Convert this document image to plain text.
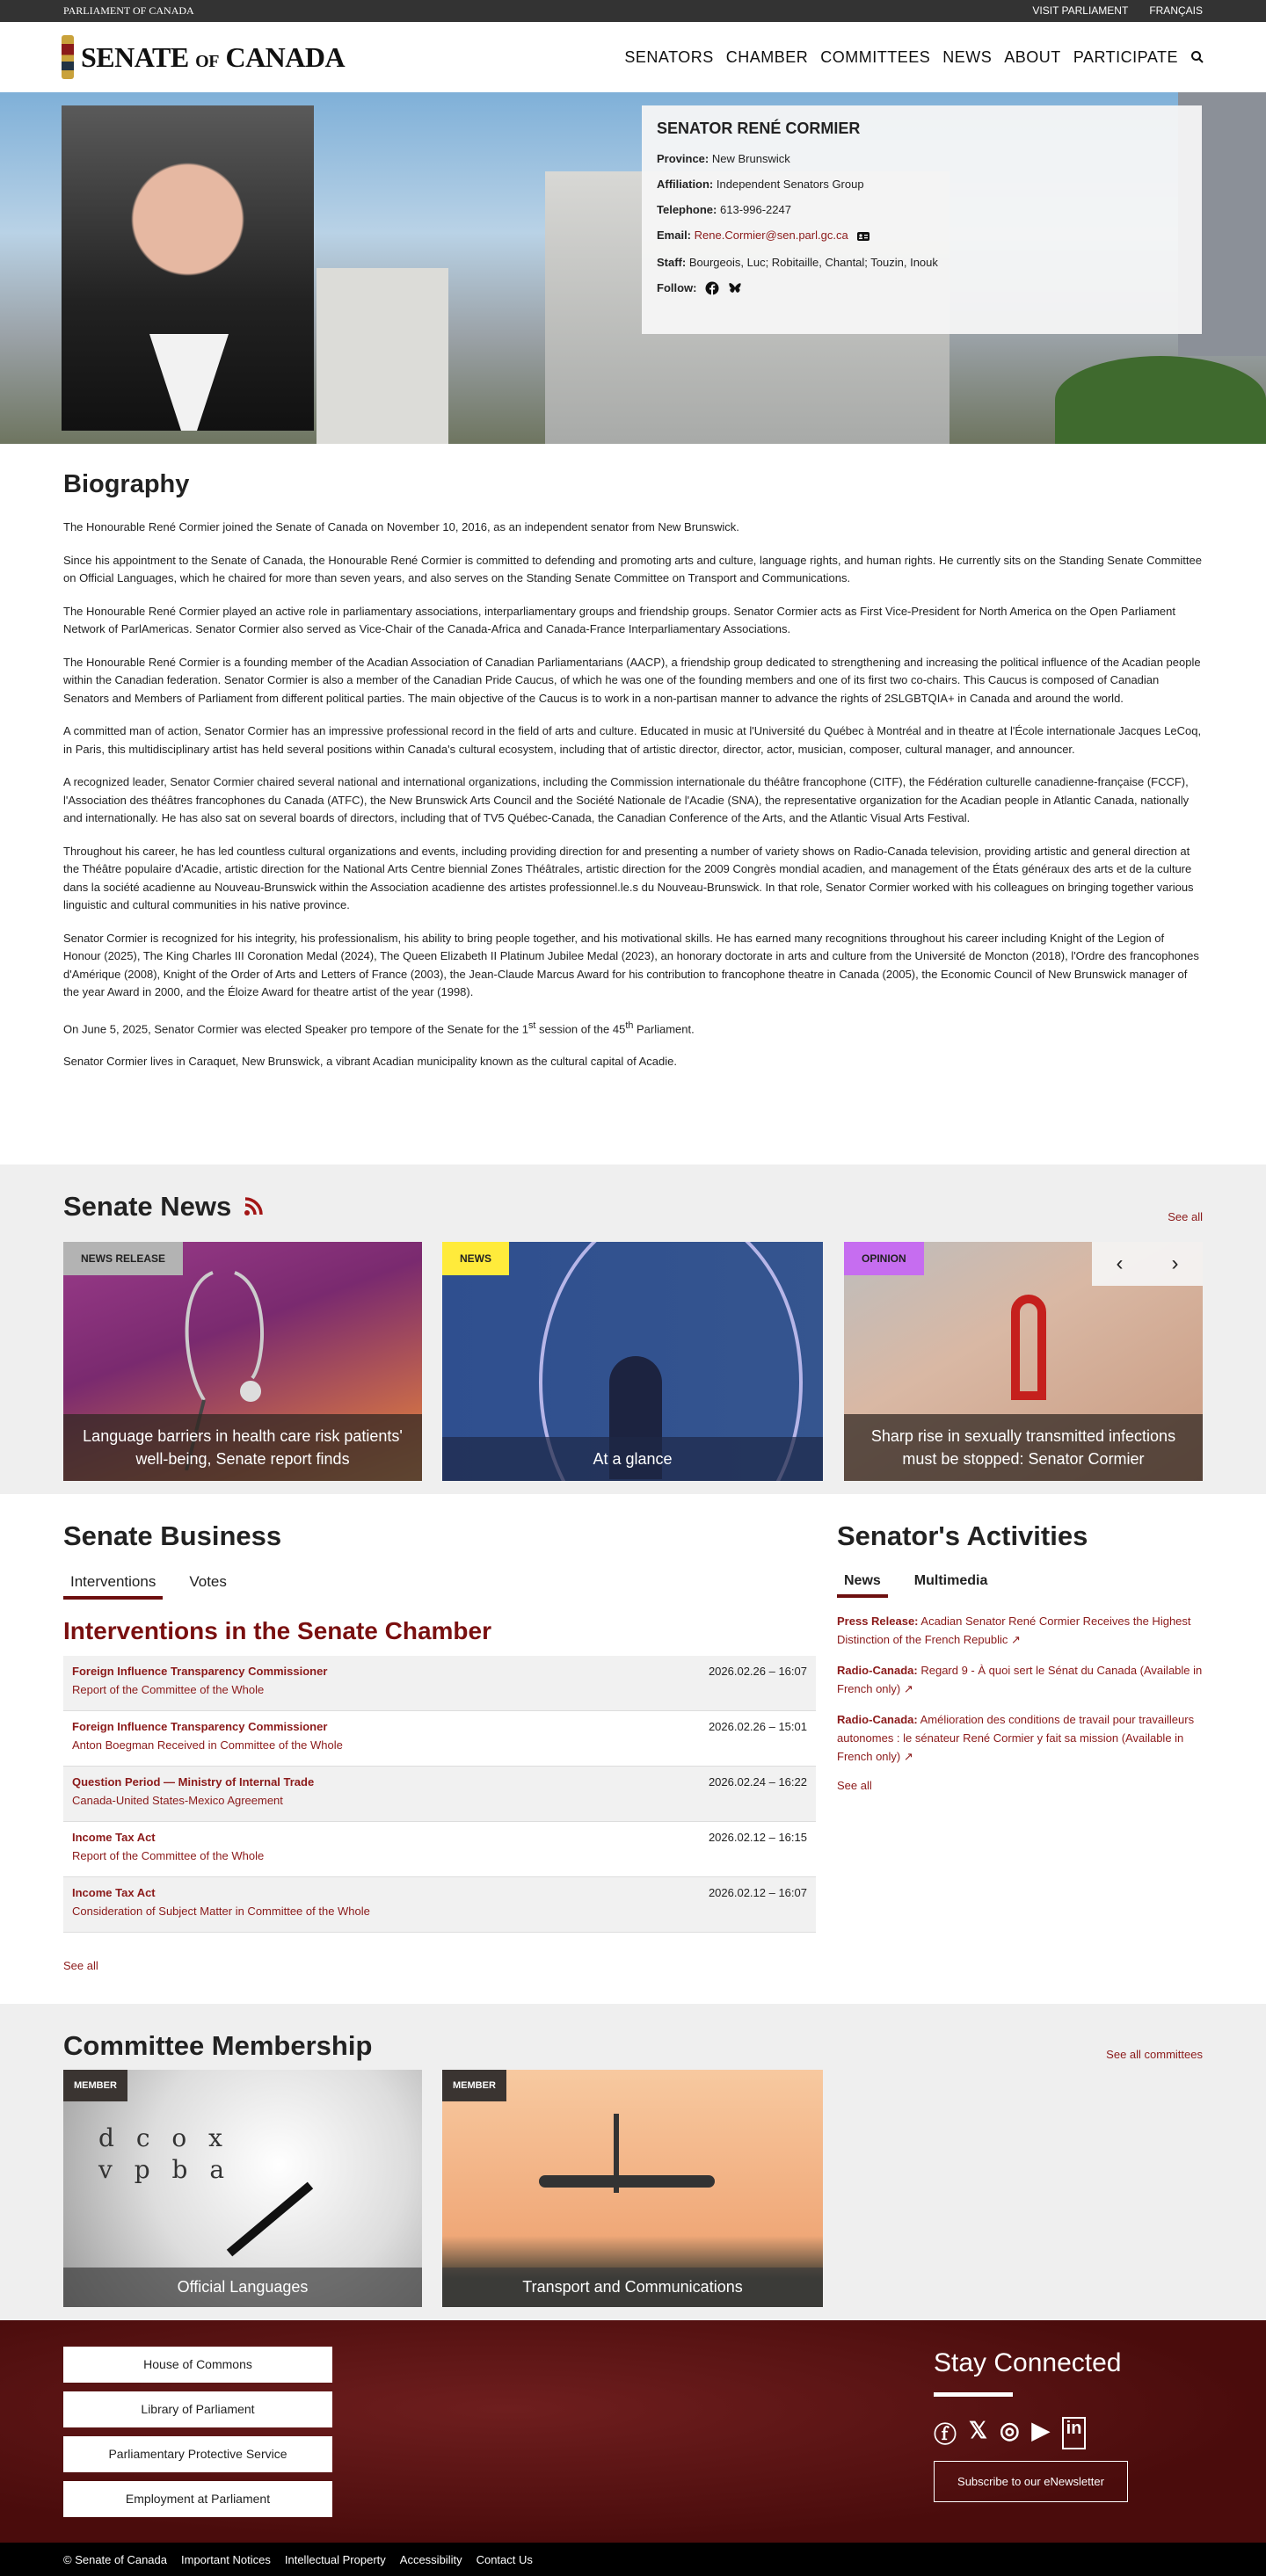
PARLIAMENT OF CANADA	VISIT PARLIAMENT FRANÇAIS
SENATE OF CANADA	SENATORS CHAMBER COMMITTEES NEWS ABOUT PARTICIPATE
SENATOR RENÉ CORMIER
Province: New Brunswick
Affiliation: Independent Senators Group
Telephone: 613-996-2247
Email: Rene.Cormier@sen.parl.gc.ca
Staff: Bourgeois, Luc; Robitaille, Chantal; Touzin, Inouk
Follow:
Biography

The Honourable René Cormier joined the Senate of Canada on November 10, 2016, as an independent senator from New Brunswick.

Since his appointment to the Senate of Canada, the Honourable René Cormier is committed to defending and promoting arts and culture, language rights, and human rights. He currently sits on the Standing Senate Committee on Official Languages, which he chaired for more than seven years, and also serves on the Standing Senate Committee on Transport and Communications.

The Honourable René Cormier played an active role in parliamentary associations, interparliamentary groups and friendship groups. Senator Cormier acts as First Vice-President for North America on the Open Parliament Network of ParlAmericas. Senator Cormier also served as Vice-Chair of the Canada-Africa and Canada-France Interparliamentary Associations.

The Honourable René Cormier is a founding member of the Acadian Association of Canadian Parliamentarians (AACP), a friendship group dedicated to strengthening and increasing the political influence of the Acadian people within the Canadian federation. Senator Cormier is also a member of the Canadian Pride Caucus, of which he was one of the founding members and one of its first two co-chairs. This Caucus is composed of Canadian Senators and Members of Parliament from different political parties. The main objective of the Caucus is to work in a non-partisan manner to advance the rights of 2SLGBTQIA+ in Canada and around the world.

A committed man of action, Senator Cormier has an impressive professional record in the field of arts and culture. Educated in music at l'Université du Québec à Montréal and in theatre at l'École internationale Jacques LeCoq, in Paris, this multidisciplinary artist has held several positions within Canada's cultural ecosystem, including that of artistic director, director, actor, musician, composer, cultural manager, and announcer.

A recognized leader, Senator Cormier chaired several national and international organizations, including the Commission internationale du théâtre francophone (CITF), the Fédération culturelle canadienne-française (FCCF), l'Association des théâtres francophones du Canada (ATFC), the New Brunswick Arts Council and the Société Nationale de l'Acadie (SNA), the representative organization for the Acadian people in Atlantic Canada, nationally and internationally. He has also sat on several boards of directors, including that of TV5 Québec-Canada, the Canadian Conference of the Arts, and the Atlantic Visual Arts Festival.

Throughout his career, he has led countless cultural organizations and events, including providing direction for and presenting a number of variety shows on Radio-Canada television, providing artistic and general direction at the Théâtre populaire d'Acadie, artistic direction for the National Arts Centre biennial Zones Théâtrales, artistic direction for the 2009 Congrès mondial acadien, and management of the États généraux des arts et de la culture dans la société acadienne au Nouveau-Brunswick within the Association acadienne des artistes professionnel.le.s du Nouveau-Brunswick. In that role, Senator Cormier worked with his colleagues on bringing together various linguistic and cultural communities in his native province.

Senator Cormier is recognized for his integrity, his professionalism, his ability to bring people together, and his motivational skills. He has earned many recognitions throughout his career including Knight of the Legion of Honour (2025), The King Charles III Coronation Medal (2024), The Queen Elizabeth II Platinum Jubilee Medal (2023), an honorary doctorate in arts and culture from the Université de Moncton (2018), l'Ordre des francophones d'Amérique (2008), Knight of the Order of Arts and Letters of France (2003), the Jean-Claude Marcus Award for his contribution to francophone theatre in Canada (2005), the Economic Council of New Brunswick manager of the year Award in 2000, and the Éloize Award for theatre artist of the year (1998).

On June 5, 2025, Senator Cormier was elected Speaker pro tempore of the Senate for the 1st session of the 45th Parliament.

Senator Cormier lives in Caraquet, New Brunswick, a vibrant Acadian municipality known as the cultural capital of Acadie.

Senate News	See all
NEWS RELEASE
Language barriers in health care risk patients' well-being, Senate report finds
NEWS
At a glance
OPINION
Sharp rise in sexually transmitted infections must be stopped: Senator Cormier
‹ ›
Senate Business
Interventions	Votes
Interventions in the Senate Chamber
Foreign Influence Transparency Commissioner
Report of the Committee of the Whole
2026.02.26 – 16:07
Foreign Influence Transparency Commissioner
Anton Boegman Received in Committee of the Whole
2026.02.26 – 15:01
Question Period — Ministry of Internal Trade
Canada-United States-Mexico Agreement
2026.02.24 – 16:22
Income Tax Act
Report of the Committee of the Whole
2026.02.12 – 16:15
Income Tax Act
Consideration of Subject Matter in Committee of the Whole
2026.02.12 – 16:07
See all
Senator's Activities
News	Multimedia

Press Release: Acadian Senator René Cormier Receives the Highest Distinction of the French Republic ↗

Radio-Canada: Regard 9 - À quoi sert le Sénat du Canada (Available in French only) ↗

Radio-Canada: Amélioration des conditions de travail pour travailleurs autonomes : le sénateur René Cormier y fait sa mission (Available in French only) ↗

See all
Committee Membership	See all committees
d c o x v p b a
MEMBER
Official Languages
MEMBER
Transport and Communications
House of Commons
Library of Parliament
Parliamentary Protective Service
Employment at Parliament
Stay Connected
ⓕ 𝕏 ◎ ▶ in
Subscribe to our eNewsletter
© Senate of Canada Important Notices Intellectual Property Accessibility Contact Us
